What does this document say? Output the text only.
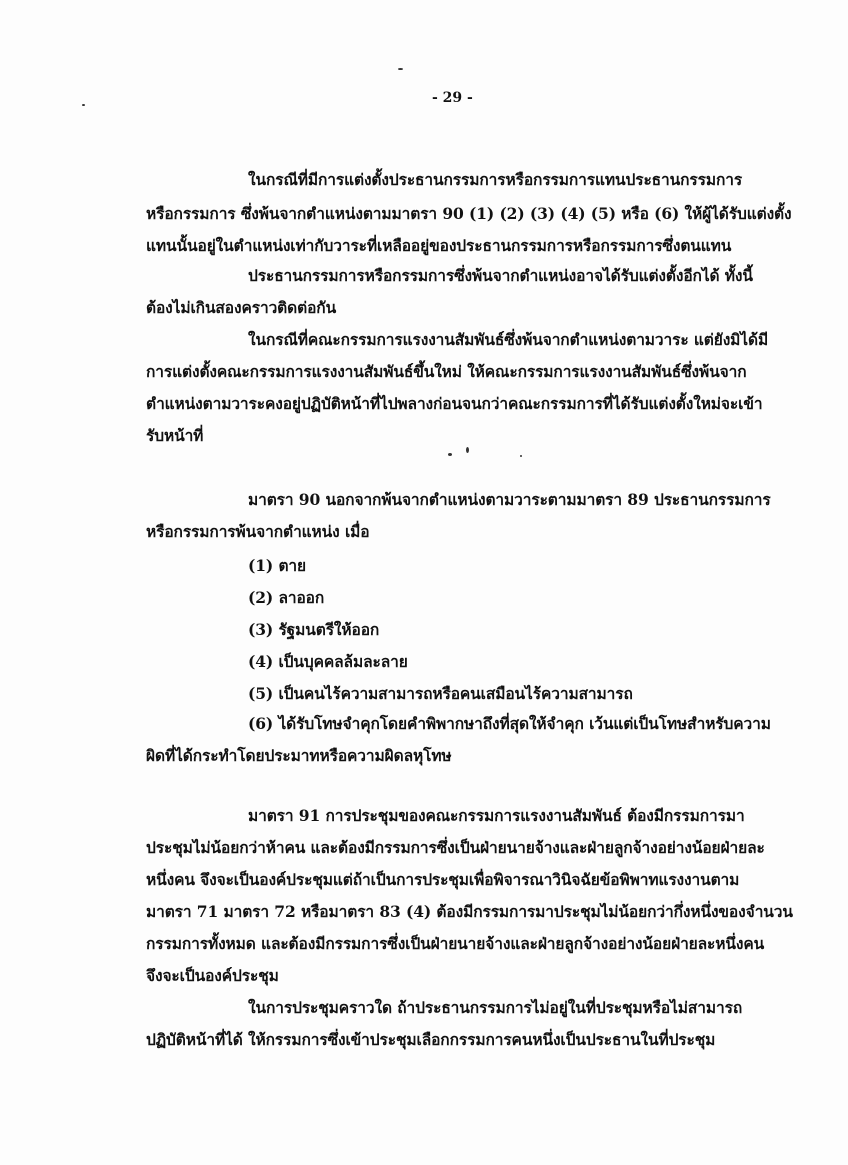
- 29 -
ในกรณีที่มีการแต่งตั้งประธานกรรมการหรือกรรมการแทนประธานกรรมการ
หรือกรรมการ ซึ่งพ้นจากตำแหน่งตามมาตรา 90 (1) (2) (3) (4) (5) หรือ (6) ให้ผู้ได้รับแต่งตั้ง
แทนนั้นอยู่ในตำแหน่งเท่ากับวาระที่เหลืออยู่ของประธานกรรมการหรือกรรมการซึ่งตนแทน
ประธานกรรมการหรือกรรมการซึ่งพ้นจากตำแหน่งอาจได้รับแต่งตั้งอีกได้ ทั้งนี้
ต้องไม่เกินสองคราวติดต่อกัน
ในกรณีที่คณะกรรมการแรงงานสัมพันธ์ซึ่งพ้นจากตำแหน่งตามวาระ แต่ยังมิได้มี
การแต่งตั้งคณะกรรมการแรงงานสัมพันธ์ขึ้นใหม่ ให้คณะกรรมการแรงงานสัมพันธ์ซึ่งพ้นจาก
ตำแหน่งตามวาระคงอยู่ปฏิบัติหน้าที่ไปพลางก่อนจนกว่าคณะกรรมการที่ได้รับแต่งตั้งใหม่จะเข้า
รับหน้าที่
มาตรา 90 นอกจากพ้นจากตำแหน่งตามวาระตามมาตรา 89 ประธานกรรมการ
หรือกรรมการพ้นจากตำแหน่ง เมื่อ
(1) ตาย
(2) ลาออก
(3) รัฐมนตรีให้ออก
(4) เป็นบุคคลล้มละลาย
(5) เป็นคนไร้ความสามารถหรือคนเสมือนไร้ความสามารถ
(6) ได้รับโทษจำคุกโดยคำพิพากษาถึงที่สุดให้จำคุก เว้นแต่เป็นโทษสำหรับความ
ผิดที่ได้กระทำโดยประมาทหรือความผิดลหุโทษ
มาตรา 91 การประชุมของคณะกรรมการแรงงานสัมพันธ์ ต้องมีกรรมการมา
ประชุมไม่น้อยกว่าห้าคน และต้องมีกรรมการซึ่งเป็นฝ่ายนายจ้างและฝ่ายลูกจ้างอย่างน้อยฝ่ายละ
หนึ่งคน จึงจะเป็นองค์ประชุมแต่ถ้าเป็นการประชุมเพื่อพิจารณาวินิจฉัยข้อพิพาทแรงงานตาม
มาตรา 71 มาตรา 72 หรือมาตรา 83 (4) ต้องมีกรรมการมาประชุมไม่น้อยกว่ากึ่งหนึ่งของจำนวน
กรรมการทั้งหมด และต้องมีกรรมการซึ่งเป็นฝ่ายนายจ้างและฝ่ายลูกจ้างอย่างน้อยฝ่ายละหนึ่งคน
จึงจะเป็นองค์ประชุม
ในการประชุมคราวใด ถ้าประธานกรรมการไม่อยู่ในที่ประชุมหรือไม่สามารถ
ปฏิบัติหน้าที่ได้ ให้กรรมการซึ่งเข้าประชุมเลือกกรรมการคนหนึ่งเป็นประธานในที่ประชุม
